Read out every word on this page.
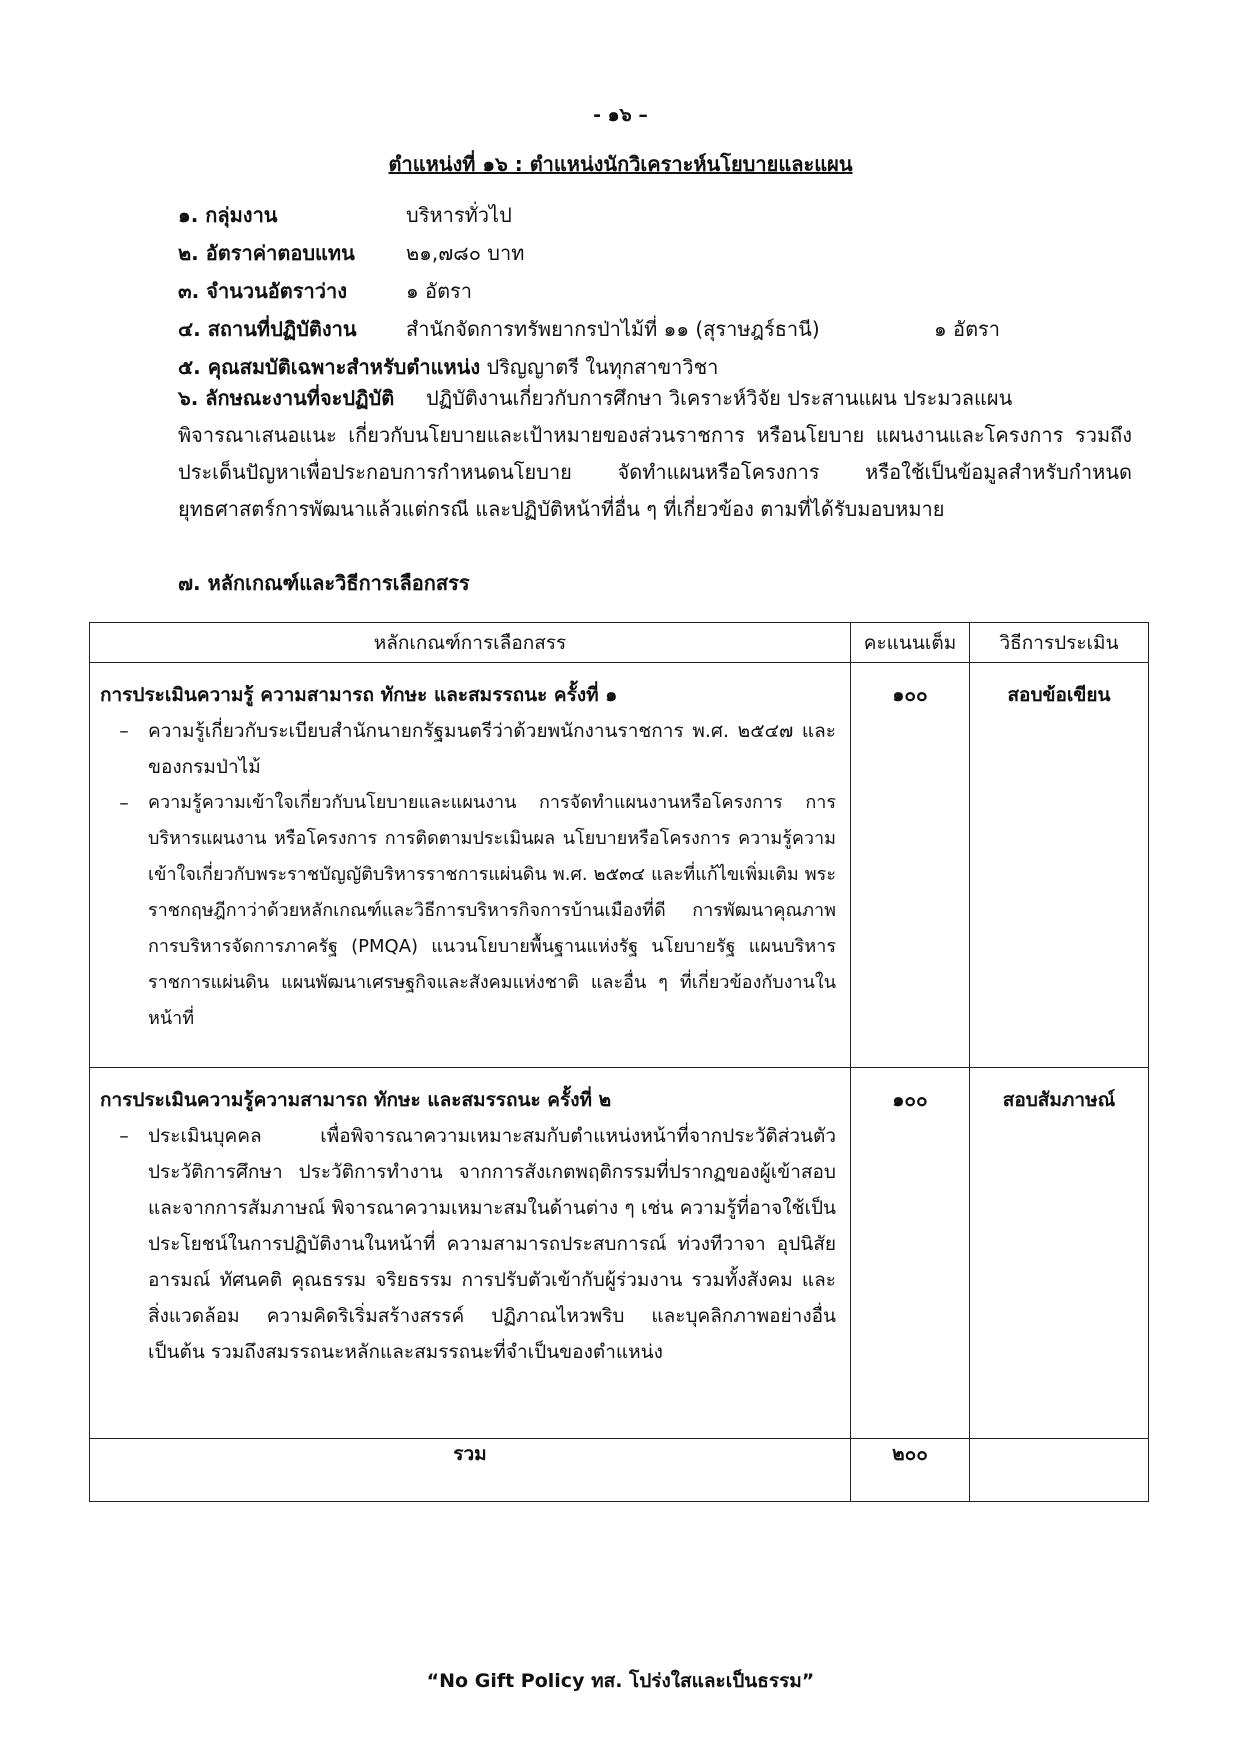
- ๑๖ –
ตำแหน่งที่ ๑๖ : ตำแหน่งนักวิเคราะห์นโยบายและแผน
๑. กลุ่มงาน	บริหารทั่วไป
๒. อัตราค่าตอบแทน	๒๑,๗๘๐ บาท
๓. จำนวนอัตราว่าง	๑ อัตรา
๔. สถานที่ปฏิบัติงาน	สำนักจัดการทรัพยากรป่าไม้ที่ ๑๑ (สุราษฎร์ธานี)	๑ อัตรา
๕. คุณสมบัติเฉพาะสำหรับตำแหน่ง ปริญญาตรี ในทุกสาขาวิชา
๖. ลักษณะงานที่จะปฏิบัติ ปฏิบัติงานเกี่ยวกับการศึกษา วิเคราะห์วิจัย ประสานแผน ประมวลแผน
พิจารณาเสนอแนะ เกี่ยวกับนโยบายและเป้าหมายของส่วนราชการ หรือนโยบาย แผนงานและโครงการ รวมถึงประเด็นปัญหาเพื่อประกอบการกำหนดนโยบาย จัดทำแผนหรือโครงการ หรือใช้เป็นข้อมูลสำหรับกำหนดยุทธศาสตร์การพัฒนาแล้วแต่กรณี และปฏิบัติหน้าที่อื่น ๆ ที่เกี่ยวข้อง ตามที่ได้รับมอบหมาย
๗. หลักเกณฑ์และวิธีการเลือกสรร
หลักเกณฑ์การเลือกสรร	คะแนนเต็ม	วิธีการประเมิน

การประเมินความรู้ ความสามารถ ทักษะ และสมรรถนะ ครั้งที่ ๑
– ความรู้เกี่ยวกับระเบียบสำนักนายกรัฐมนตรีว่าด้วยพนักงานราชการ พ.ศ. ๒๕๔๗ และของกรมป่าไม้
– ความรู้ความเข้าใจเกี่ยวกับนโยบายและแผนงาน การจัดทำแผนงานหรือโครงการ การบริหารแผนงาน หรือโครงการ การติดตามประเมินผล นโยบายหรือโครงการ ความรู้ความเข้าใจเกี่ยวกับพระราชบัญญัติบริหารราชการแผ่นดิน พ.ศ. ๒๕๓๔ และที่แก้ไขเพิ่มเติม พระราชกฤษฎีกาว่าด้วยหลักเกณฑ์และวิธีการบริหารกิจการบ้านเมืองที่ดี การพัฒนาคุณภาพการบริหารจัดการภาครัฐ (PMQA) แนวนโยบายพื้นฐานแห่งรัฐ นโยบายรัฐ แผนบริหารราชการแผ่นดิน แผนพัฒนาเศรษฐกิจและสังคมแห่งชาติ และอื่น ๆ ที่เกี่ยวข้องกับงานในหน้าที่	๑๐๐	สอบข้อเขียน

การประเมินความรู้ความสามารถ ทักษะ และสมรรถนะ ครั้งที่ ๒
– ประเมินบุคคล เพื่อพิจารณาความเหมาะสมกับตำแหน่งหน้าที่จากประวัติส่วนตัวประวัติการศึกษา ประวัติการทำงาน จากการสังเกตพฤติกรรมที่ปรากฏของผู้เข้าสอบและจากการสัมภาษณ์ พิจารณาความเหมาะสมในด้านต่าง ๆ เช่น ความรู้ที่อาจใช้เป็นประโยชน์ในการปฏิบัติงานในหน้าที่ ความสามารถประสบการณ์ ท่วงทีวาจา อุปนิสัย อารมณ์ ทัศนคติ คุณธรรม จริยธรรม การปรับตัวเข้ากับผู้ร่วมงาน รวมทั้งสังคม และสิ่งแวดล้อม ความคิดริเริ่มสร้างสรรค์ ปฏิภาณไหวพริบ และบุคลิกภาพอย่างอื่น เป็นต้น รวมถึงสมรรถนะหลักและสมรรถนะที่จำเป็นของตำแหน่ง	๑๐๐	สอบสัมภาษณ์

รวม	๒๐๐	
“No Gift Policy ทส. โปร่งใสและเป็นธรรม”
